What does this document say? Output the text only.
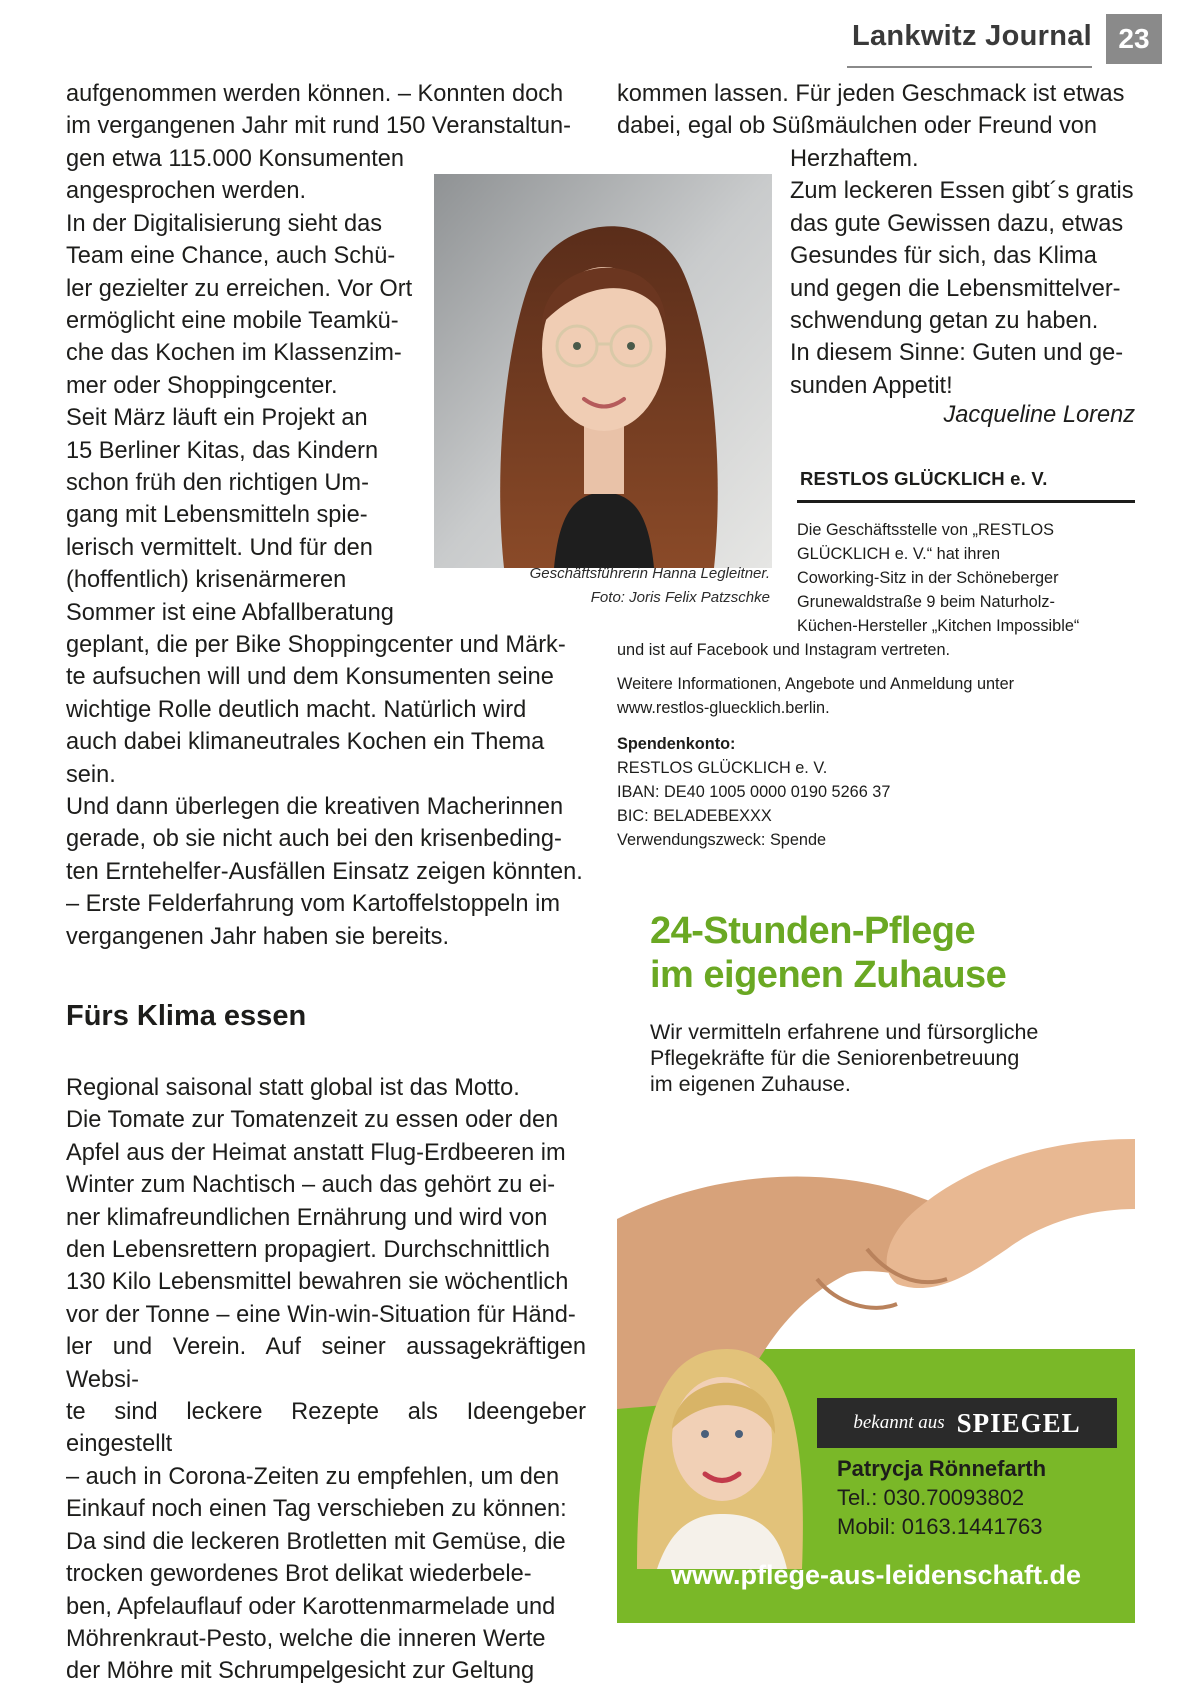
Lankwitz Journal 23
aufgenommen werden können. – Konnten doch
im vergangenen Jahr mit rund 150 Veranstaltun-
gen etwa 115.000 Konsumenten
angesprochen werden.
In der Digitalisierung sieht das
Team eine Chance, auch Schü-
ler gezielter zu erreichen. Vor Ort
ermöglicht eine mobile Teamkü-
che das Kochen im Klassenzim-
mer oder Shoppingcenter.
Seit März läuft ein Projekt an
15 Berliner Kitas, das Kindern
schon früh den richtigen Um-
gang mit Lebensmitteln spie-
lerisch vermittelt. Und für den
(hoffentlich) krisenärmeren
Sommer ist eine Abfallberatung
Geschäftsführerin Hanna Legleitner.
Foto: Joris Felix Patzschke
geplant, die per Bike Shoppingcenter und Märk-
te aufsuchen will und dem Konsumenten seine
wichtige Rolle deutlich macht. Natürlich wird
auch dabei klimaneutrales Kochen ein Thema
sein.
Und dann überlegen die kreativen Macherinnen
gerade, ob sie nicht auch bei den krisenbeding-
ten Erntehelfer-Ausfällen Einsatz zeigen könnten.
– Erste Felderfahrung vom Kartoffelstoppeln im
vergangenen Jahr haben sie bereits.
Fürs Klima essen
Regional saisonal statt global ist das Motto.
Die Tomate zur Tomatenzeit zu essen oder den
Apfel aus der Heimat anstatt Flug-Erdbeeren im
Winter zum Nachtisch – auch das gehört zu ei-
ner klimafreundlichen Ernährung und wird von
den Lebensrettern propagiert. Durchschnittlich
130 Kilo Lebensmittel bewahren sie wöchentlich
vor der Tonne – eine Win-win-Situation für Händ-
ler und Verein. Auf seiner aussagekräftigen Websi-
te sind leckere Rezepte als Ideengeber eingestellt
– auch in Corona-Zeiten zu empfehlen, um den
Einkauf noch einen Tag verschieben zu können:
Da sind die leckeren Brotletten mit Gemüse, die
trocken gewordenes Brot delikat wiederbele-
ben, Apfelauflauf oder Karottenmarmelade und
Möhrenkraut-Pesto, welche die inneren Werte
der Möhre mit Schrumpelgesicht zur Geltung
kommen lassen. Für jeden Geschmack ist etwas
dabei, egal ob Süßmäulchen oder Freund von
Herzhaftem.
Zum leckeren Essen gibt´s gratis
das gute Gewissen dazu, etwas
Gesundes für sich, das Klima
und gegen die Lebensmittelver-
schwendung getan zu haben.
In diesem Sinne: Guten und ge-
sunden Appetit!
Jacqueline Lorenz
RESTLOS GLÜCKLICH e. V.
Die Geschäftsstelle von „RESTLOS
GLÜCKLICH e. V.“ hat ihren
Coworking-Sitz in der Schöneberger
Grunewaldstraße 9 beim Naturholz-
Küchen-Hersteller „Kitchen Impossible“
und ist auf Facebook und Instagram vertreten.
Weitere Informationen, Angebote und Anmeldung unter
www.restlos-gluecklich.berlin.
Spendenkonto:
RESTLOS GLÜCKLICH e. V.
IBAN: DE40 1005 0000 0190 5266 37
BIC: BELADEBEXXX
Verwendungszweck: Spende
24-Stunden-Pflege
im eigenen Zuhause
Wir vermitteln erfahrene und fürsorgliche
Pflegekräfte für die Seniorenbetreuung
im eigenen Zuhause.
bekannt aus SPIEGEL
Patrycja Rönnefarth
Tel.: 030.70093802
Mobil: 0163.1441763
www.pflege-aus-leidenschaft.de
